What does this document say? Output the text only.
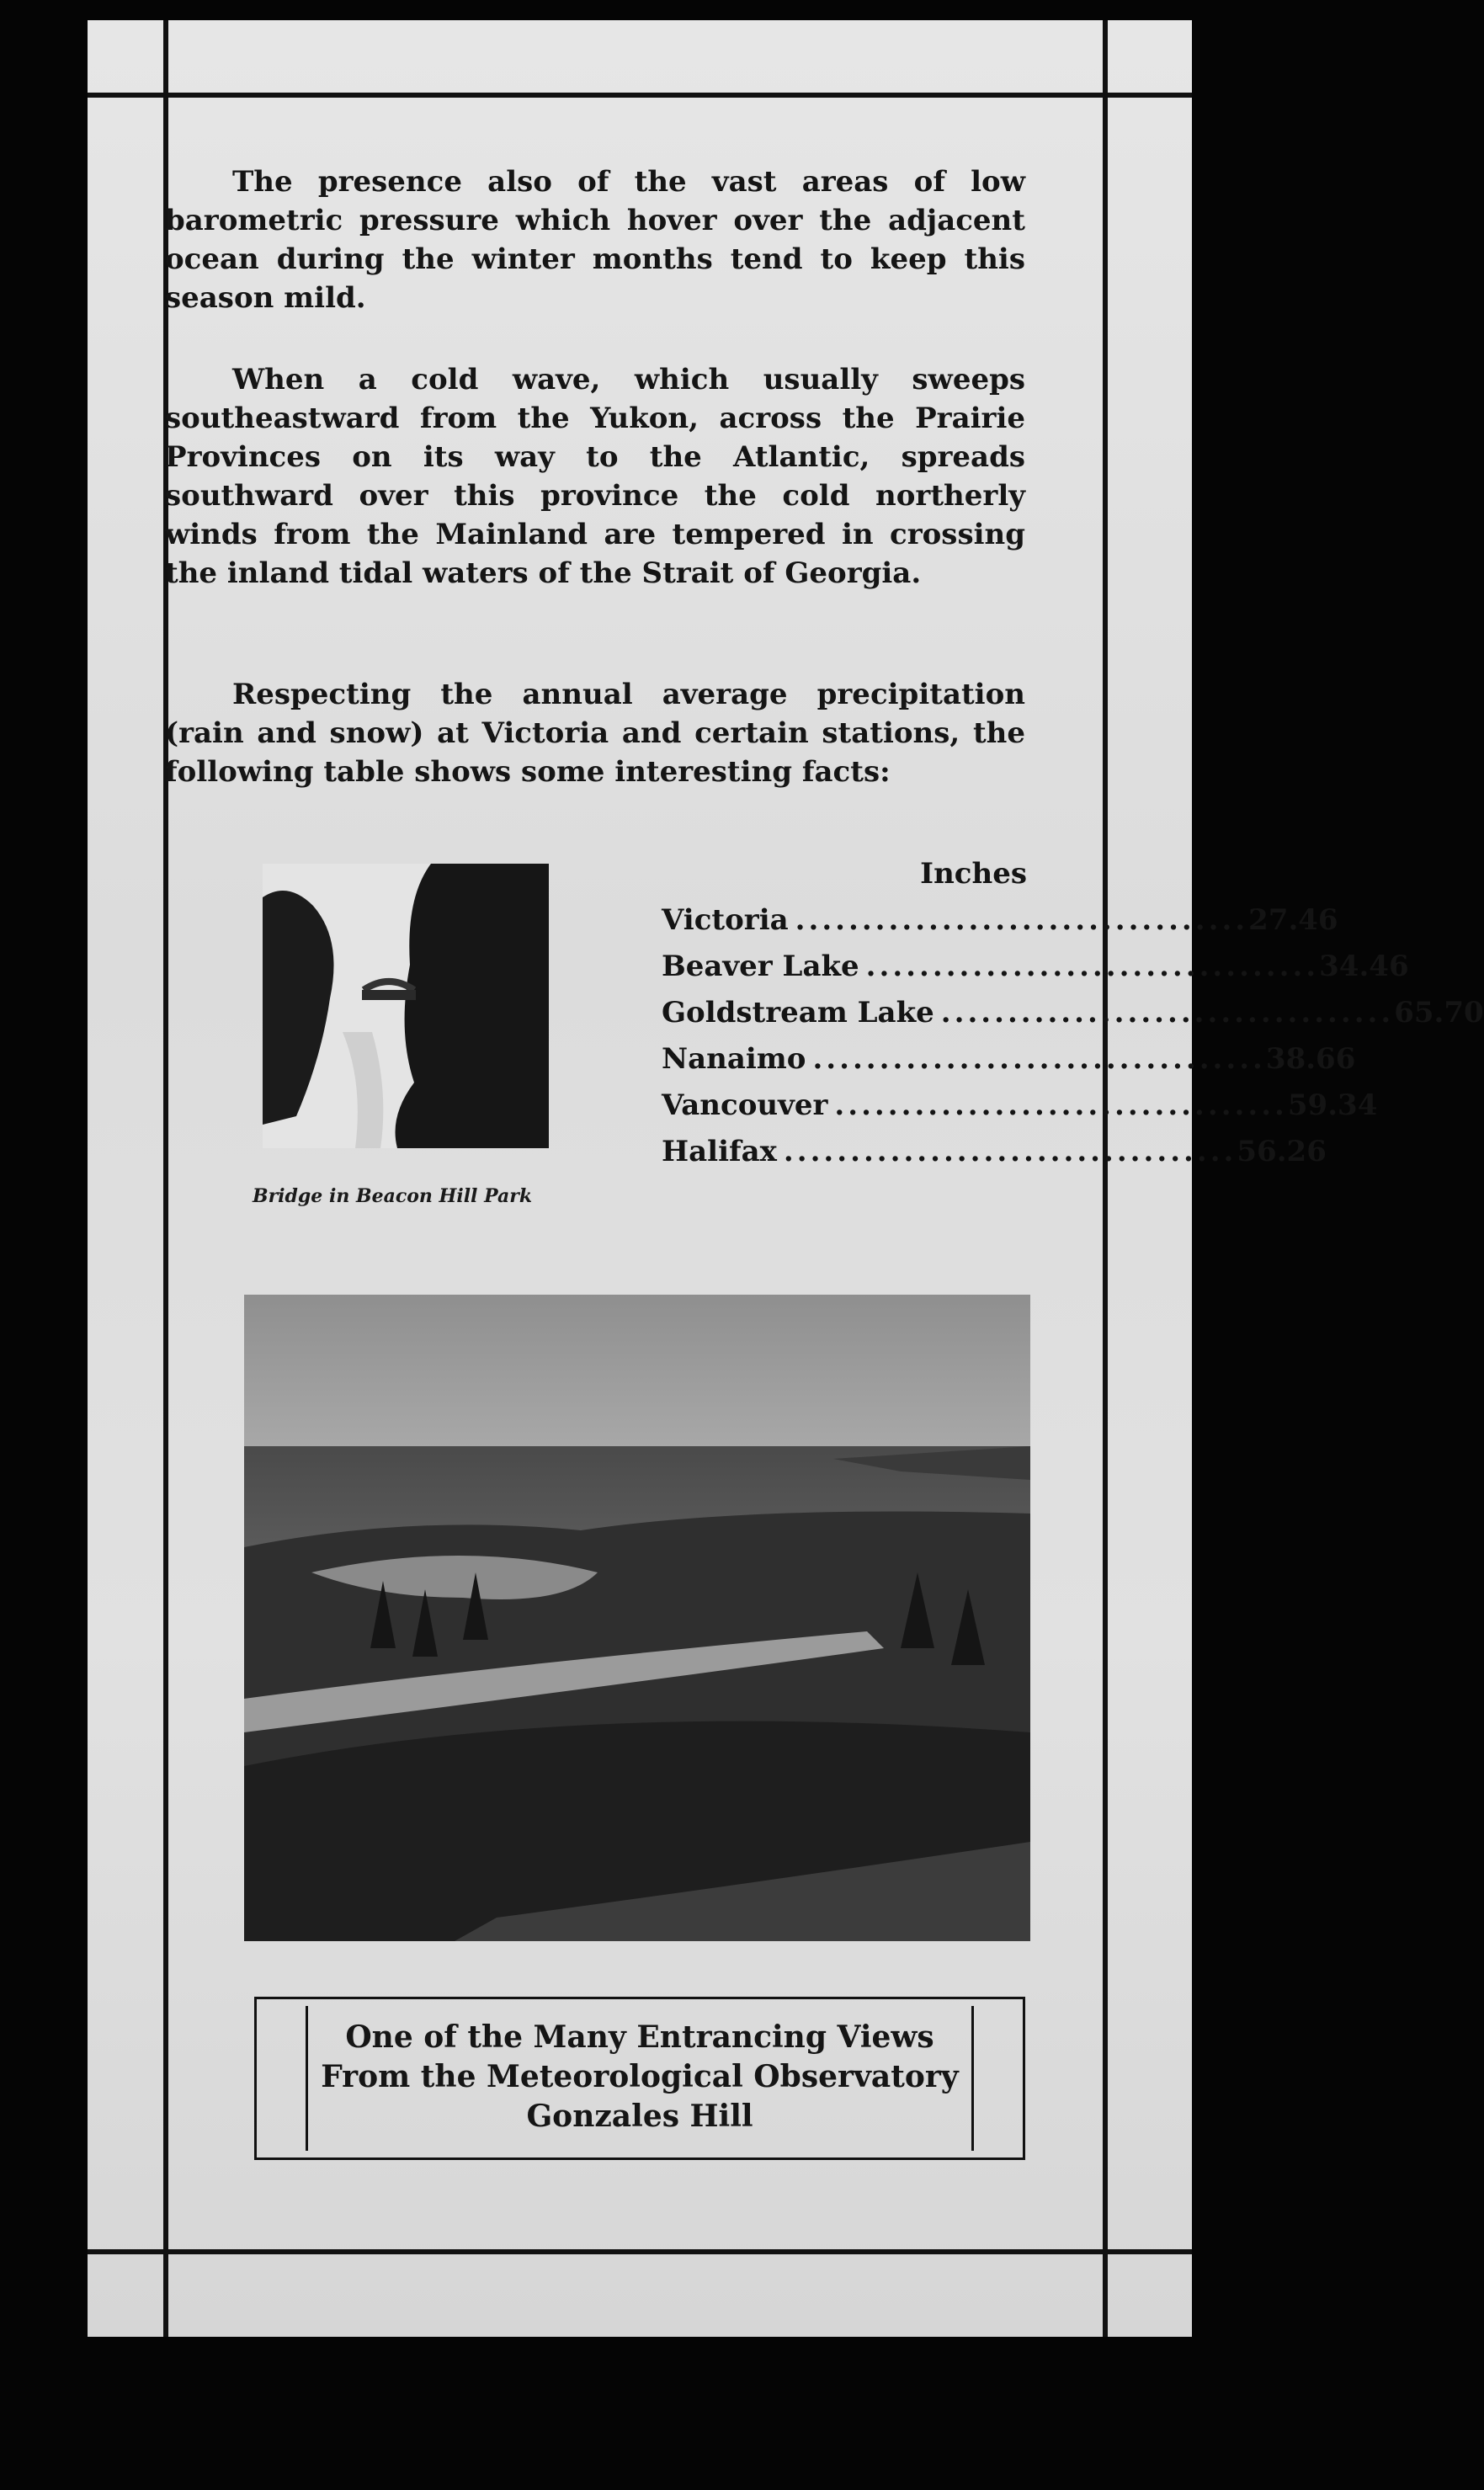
The presence also of the vast areas of low barometric pressure which hover over the adjacent ocean during the winter months tend to keep this season mild.

When a cold wave, which usually sweeps southeastward from the Yukon, across the Prairie Provinces on its way to the Atlantic, spreads southward over this province the cold northerly winds from the Mainland are tempered in crossing the inland tidal waters of the Strait of Georgia.

Respecting the annual average precipitation (rain and snow) at Victoria and certain stations, the following table shows some interesting facts:

Bridge in Beacon Hill Park
Inches
Victoria .................................. 27.46
Beaver Lake .................................. 34.46
Goldstream Lake .................................. 65.70
Nanaimo .................................. 38.66
Vancouver .................................. 59.34
Halifax .................................. 56.26
One of the Many Entrancing Views
From the Meteorological Observatory
Gonzales Hill
